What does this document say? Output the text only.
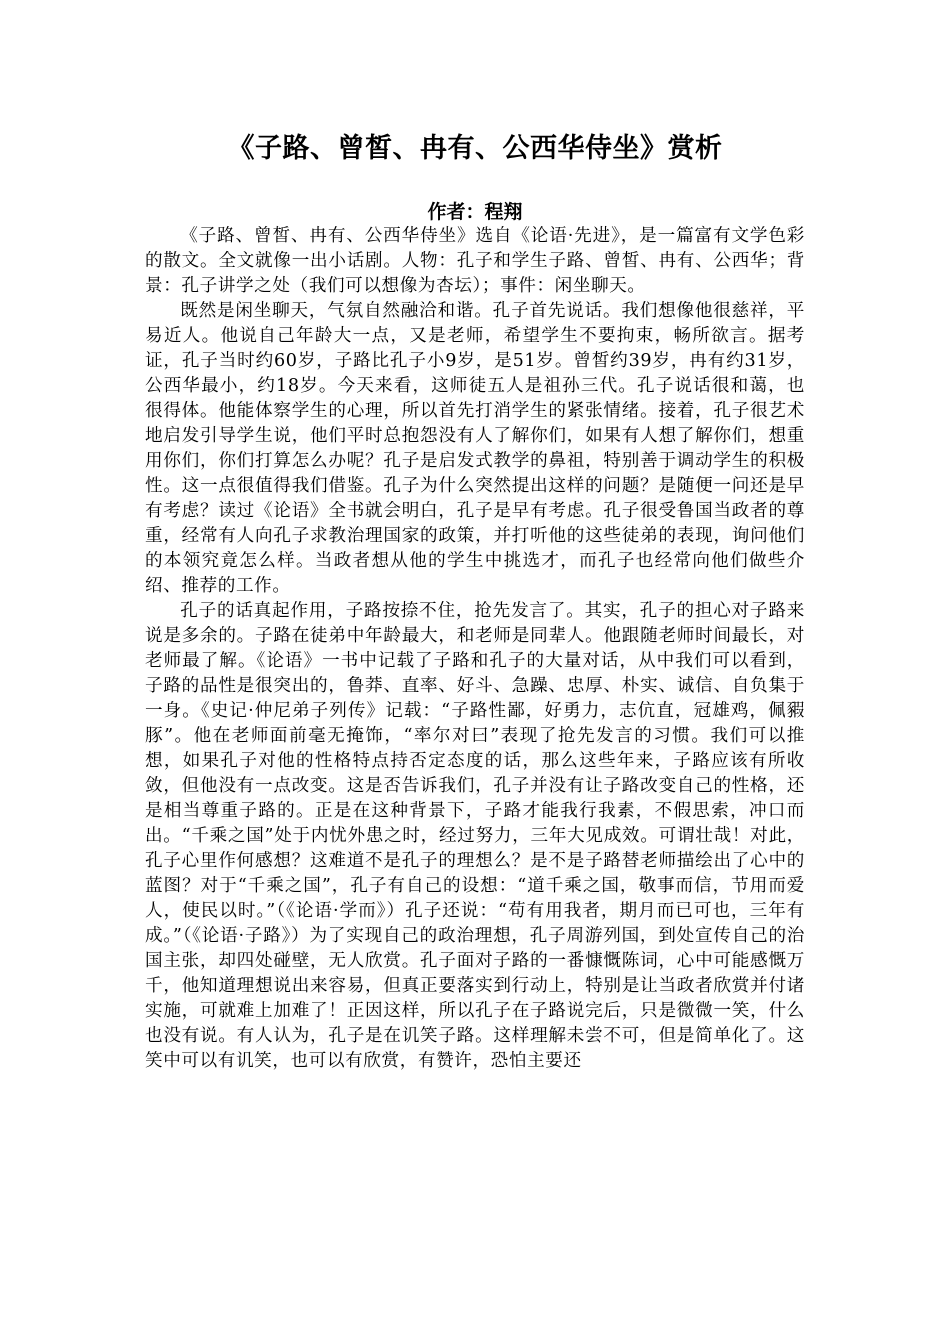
《子路、曾皙、冉有、公西华侍坐》赏析
作者：程翔

《子路、曾皙、冉有、公西华侍坐》选自《论语·先进》，是一篇富有文学色彩的散文。全文就像一出小话剧。人物：孔子和学生子路、曾皙、冉有、公西华；背景：孔子讲学之处（我们可以想像为杏坛）；事件：闲坐聊天。

既然是闲坐聊天，气氛自然融洽和谐。孔子首先说话。我们想像他很慈祥，平易近人。他说自己年龄大一点，又是老师，希望学生不要拘束，畅所欲言。据考证，孔子当时约60岁，子路比孔子小9岁，是51岁。曾皙约39岁，冉有约31岁，公西华最小，约18岁。今天来看，这师徒五人是祖孙三代。孔子说话很和蔼，也很得体。他能体察学生的心理，所以首先打消学生的紧张情绪。接着，孔子很艺术地启发引导学生说，他们平时总抱怨没有人了解你们，如果有人想了解你们，想重用你们，你们打算怎么办呢？孔子是启发式教学的鼻祖，特别善于调动学生的积极性。这一点很值得我们借鉴。孔子为什么突然提出这样的问题？是随便一问还是早有考虑？读过《论语》全书就会明白，孔子是早有考虑。孔子很受鲁国当政者的尊重，经常有人向孔子求教治理国家的政策，并打听他的这些徒弟的表现，询问他们的本领究竟怎么样。当政者想从他的学生中挑选才，而孔子也经常向他们做些介绍、推荐的工作。

孔子的话真起作用，子路按捺不住，抢先发言了。其实，孔子的担心对子路来说是多余的。子路在徒弟中年龄最大，和老师是同辈人。他跟随老师时间最长，对老师最了解。《论语》一书中记载了子路和孔子的大量对话，从中我们可以看到，子路的品性是很突出的，鲁莽、直率、好斗、急躁、忠厚、朴实、诚信、自负集于一身。《史记·仲尼弟子列传》记载：“子路性鄙，好勇力，志伉直，冠雄鸡，佩豭豚”。他在老师面前毫无掩饰，“率尔对曰”表现了抢先发言的习惯。我们可以推想，如果孔子对他的性格特点持否定态度的话，那么这些年来，子路应该有所收敛，但他没有一点改变。这是否告诉我们，孔子并没有让子路改变自己的性格，还是相当尊重子路的。正是在这种背景下，子路才能我行我素，不假思索，冲口而出。“千乘之国”处于内忧外患之时，经过努力，三年大见成效。可谓壮哉！对此，孔子心里作何感想？这难道不是孔子的理想么？是不是子路替老师描绘出了心中的蓝图？对于“千乘之国”，孔子有自己的设想：“道千乘之国，敬事而信，节用而爱人，使民以时。”（《论语·学而》）孔子还说：“苟有用我者，期月而已可也，三年有成。”（《论语·子路》）为了实现自己的政治理想，孔子周游列国，到处宣传自己的治国主张，却四处碰壁，无人欣赏。孔子面对子路的一番慷慨陈词，心中可能感慨万千，他知道理想说出来容易，但真正要落实到行动上，特别是让当政者欣赏并付诸实施，可就难上加难了！正因这样，所以孔子在子路说完后，只是微微一笑，什么也没有说。有人认为，孔子是在讥笑子路。这样理解未尝不可，但是简单化了。这笑中可以有讥笑，也可以有欣赏，有赞许，恐怕主要还
